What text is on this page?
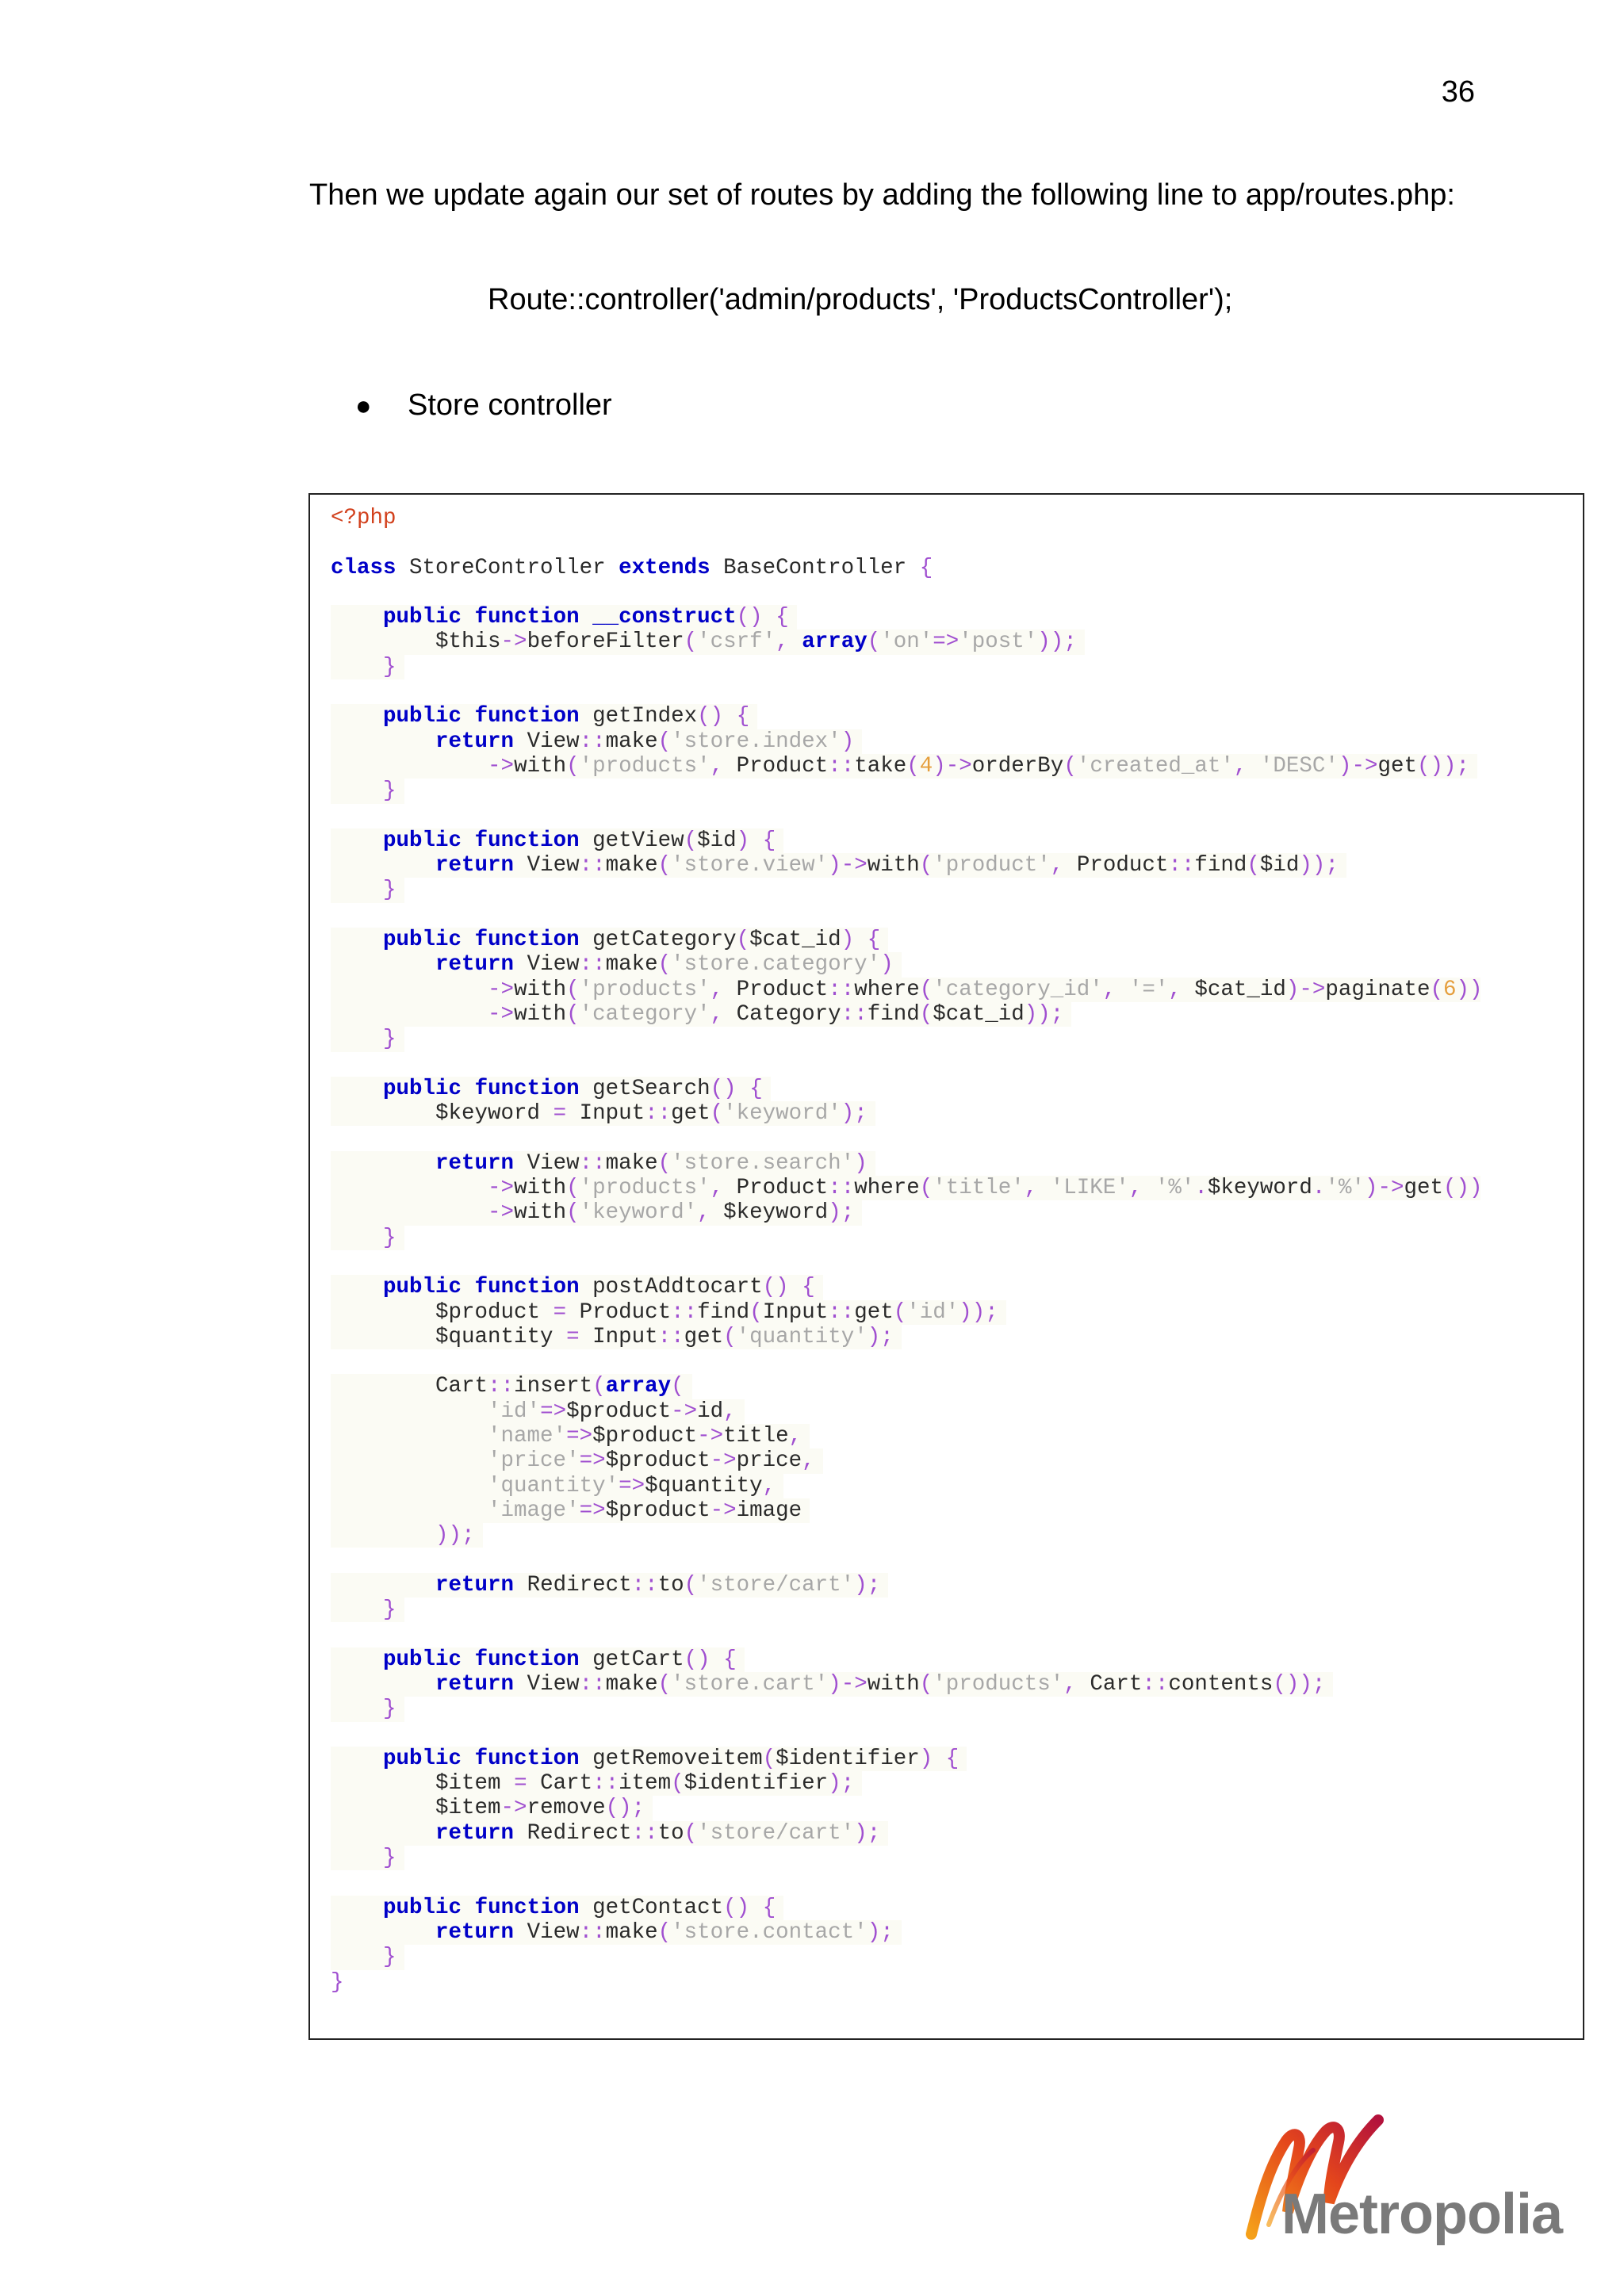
36
Then we update again our set of routes by adding the following line to app/routes.php:
Route::controller('admin/products', 'ProductsController');
●	Store controller
<?php
class StoreController extends BaseController {
public function __construct() {
$this->beforeFilter('csrf', array('on'=>'post'));
}
public function getIndex() {
return View::make('store.index')
->with('products', Product::take(4)->orderBy('created_at', 'DESC')->get());
}
public function getView($id) {
return View::make('store.view')->with('product', Product::find($id));
}
public function getCategory($cat_id) {
return View::make('store.category')
->with('products', Product::where('category_id', '=', $cat_id)->paginate(6))
->with('category', Category::find($cat_id));
}
public function getSearch() {
$keyword = Input::get('keyword');
return View::make('store.search')
->with('products', Product::where('title', 'LIKE', '%'.$keyword.'%')->get())
->with('keyword', $keyword);
}
public function postAddtocart() {
$product = Product::find(Input::get('id'));
$quantity = Input::get('quantity');
Cart::insert(array(
'id'=>$product->id,
'name'=>$product->title,
'price'=>$product->price,
'quantity'=>$quantity,
'image'=>$product->image
));
return Redirect::to('store/cart');
}
public function getCart() {
return View::make('store.cart')->with('products', Cart::contents());
}
public function getRemoveitem($identifier) {
$item = Cart::item($identifier);
$item->remove();
return Redirect::to('store/cart');
}
public function getContact() {
return View::make('store.contact');
}
}
Metropolia
